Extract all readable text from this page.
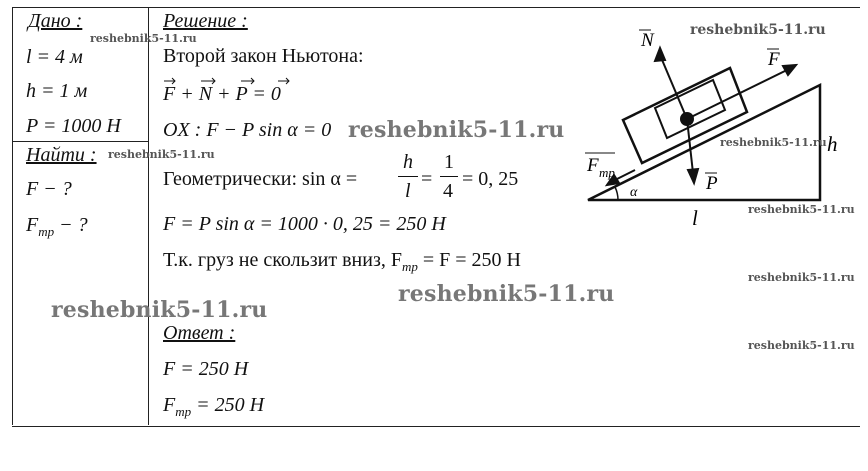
Дано :
l = 4 м
h = 1 м
P = 1000 Н
Найти :
F − ?
$F_{тр}$ − ?
Решение :
Второй закон Ньютона:
F + N + P = 0
OX : F − P sin α = 0
Геометрически: sin α =
h
l
=
1
4
= 0, 25
F = P sin α = 1000 · 0, 25 = 250 Н
Т.к. груз не скользит вниз, $F_{тр} = F = 250$ Н
Ответ :
F = 250 Н
$F_{тр} = 250$ Н
N
F
F тр
P
α
h
l
reshebnik5-11.ru
reshebnik5-11.ru
reshebnik5-11.ru
reshebnik5-11.ru
reshebnik5-11.ru
reshebnik5-11.ru
reshebnik5-11.ru
reshebnik5-11.ru
reshebnik5-11.ru
reshebnik5-11.ru
